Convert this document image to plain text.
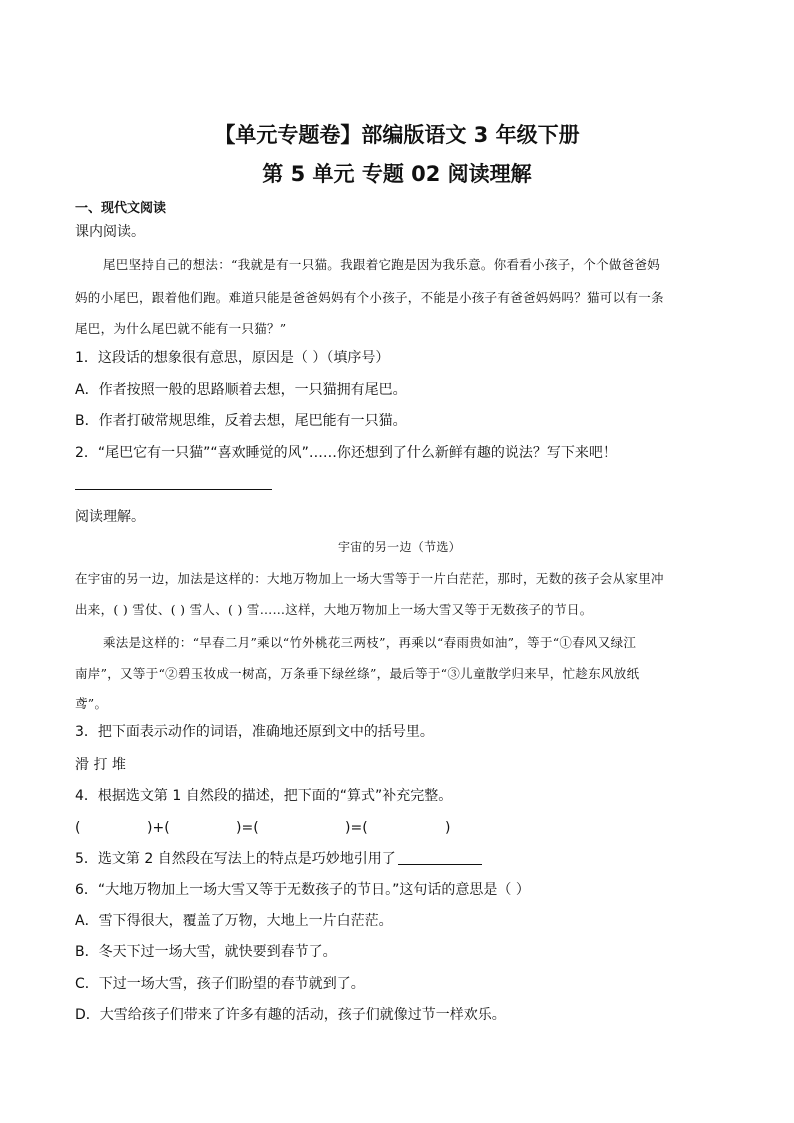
【单元专题卷】部编版语文 3 年级下册
第 5 单元 专题 02 阅读理解
一、现代文阅读
课内阅读。
尾巴坚持自己的想法：“我就是有一只猫。我跟着它跑是因为我乐意。你看看小孩子，个个做爸爸妈
妈的小尾巴，跟着他们跑。难道只能是爸爸妈妈有个小孩子，不能是小孩子有爸爸妈妈吗？猫可以有一条
尾巴，为什么尾巴就不能有一只猫？”
1．这段话的想象很有意思，原因是（ ）（填序号）
A．作者按照一般的思路顺着去想，一只猫拥有尾巴。
B．作者打破常规思维，反着去想，尾巴能有一只猫。
2．“尾巴它有一只猫”“喜欢睡觉的风”……你还想到了什么新鲜有趣的说法？写下来吧！
阅读理解。
宇宙的另一边（节选）
在宇宙的另一边，加法是这样的：大地万物加上一场大雪等于一片白茫茫，那时，无数的孩子会从家里冲
出来，( ) 雪仗、( ) 雪人、( ) 雪……这样，大地万物加上一场大雪又等于无数孩子的节日。
乘法是这样的：“早春二月”乘以“竹外桃花三两枝”，再乘以“春雨贵如油”，等于“①春风又绿江
南岸”，又等于“②碧玉妆成一树高，万条垂下绿丝绦”，最后等于“③儿童散学归来早，忙趁东风放纸
鸢”。
3．把下面表示动作的词语，准确地还原到文中的括号里。
滑 打 堆
4．根据选文第 1 自然段的描述，把下面的“算式”补充完整。
(	)+(	)=(	)=(	)
5．选文第 2 自然段在写法上的特点是巧妙地引用了
6．“大地万物加上一场大雪又等于无数孩子的节日。”这句话的意思是（ ）
A．雪下得很大，覆盖了万物，大地上一片白茫茫。
B．冬天下过一场大雪，就快要到春节了。
C．下过一场大雪，孩子们盼望的春节就到了。
D．大雪给孩子们带来了许多有趣的活动，孩子们就像过节一样欢乐。
